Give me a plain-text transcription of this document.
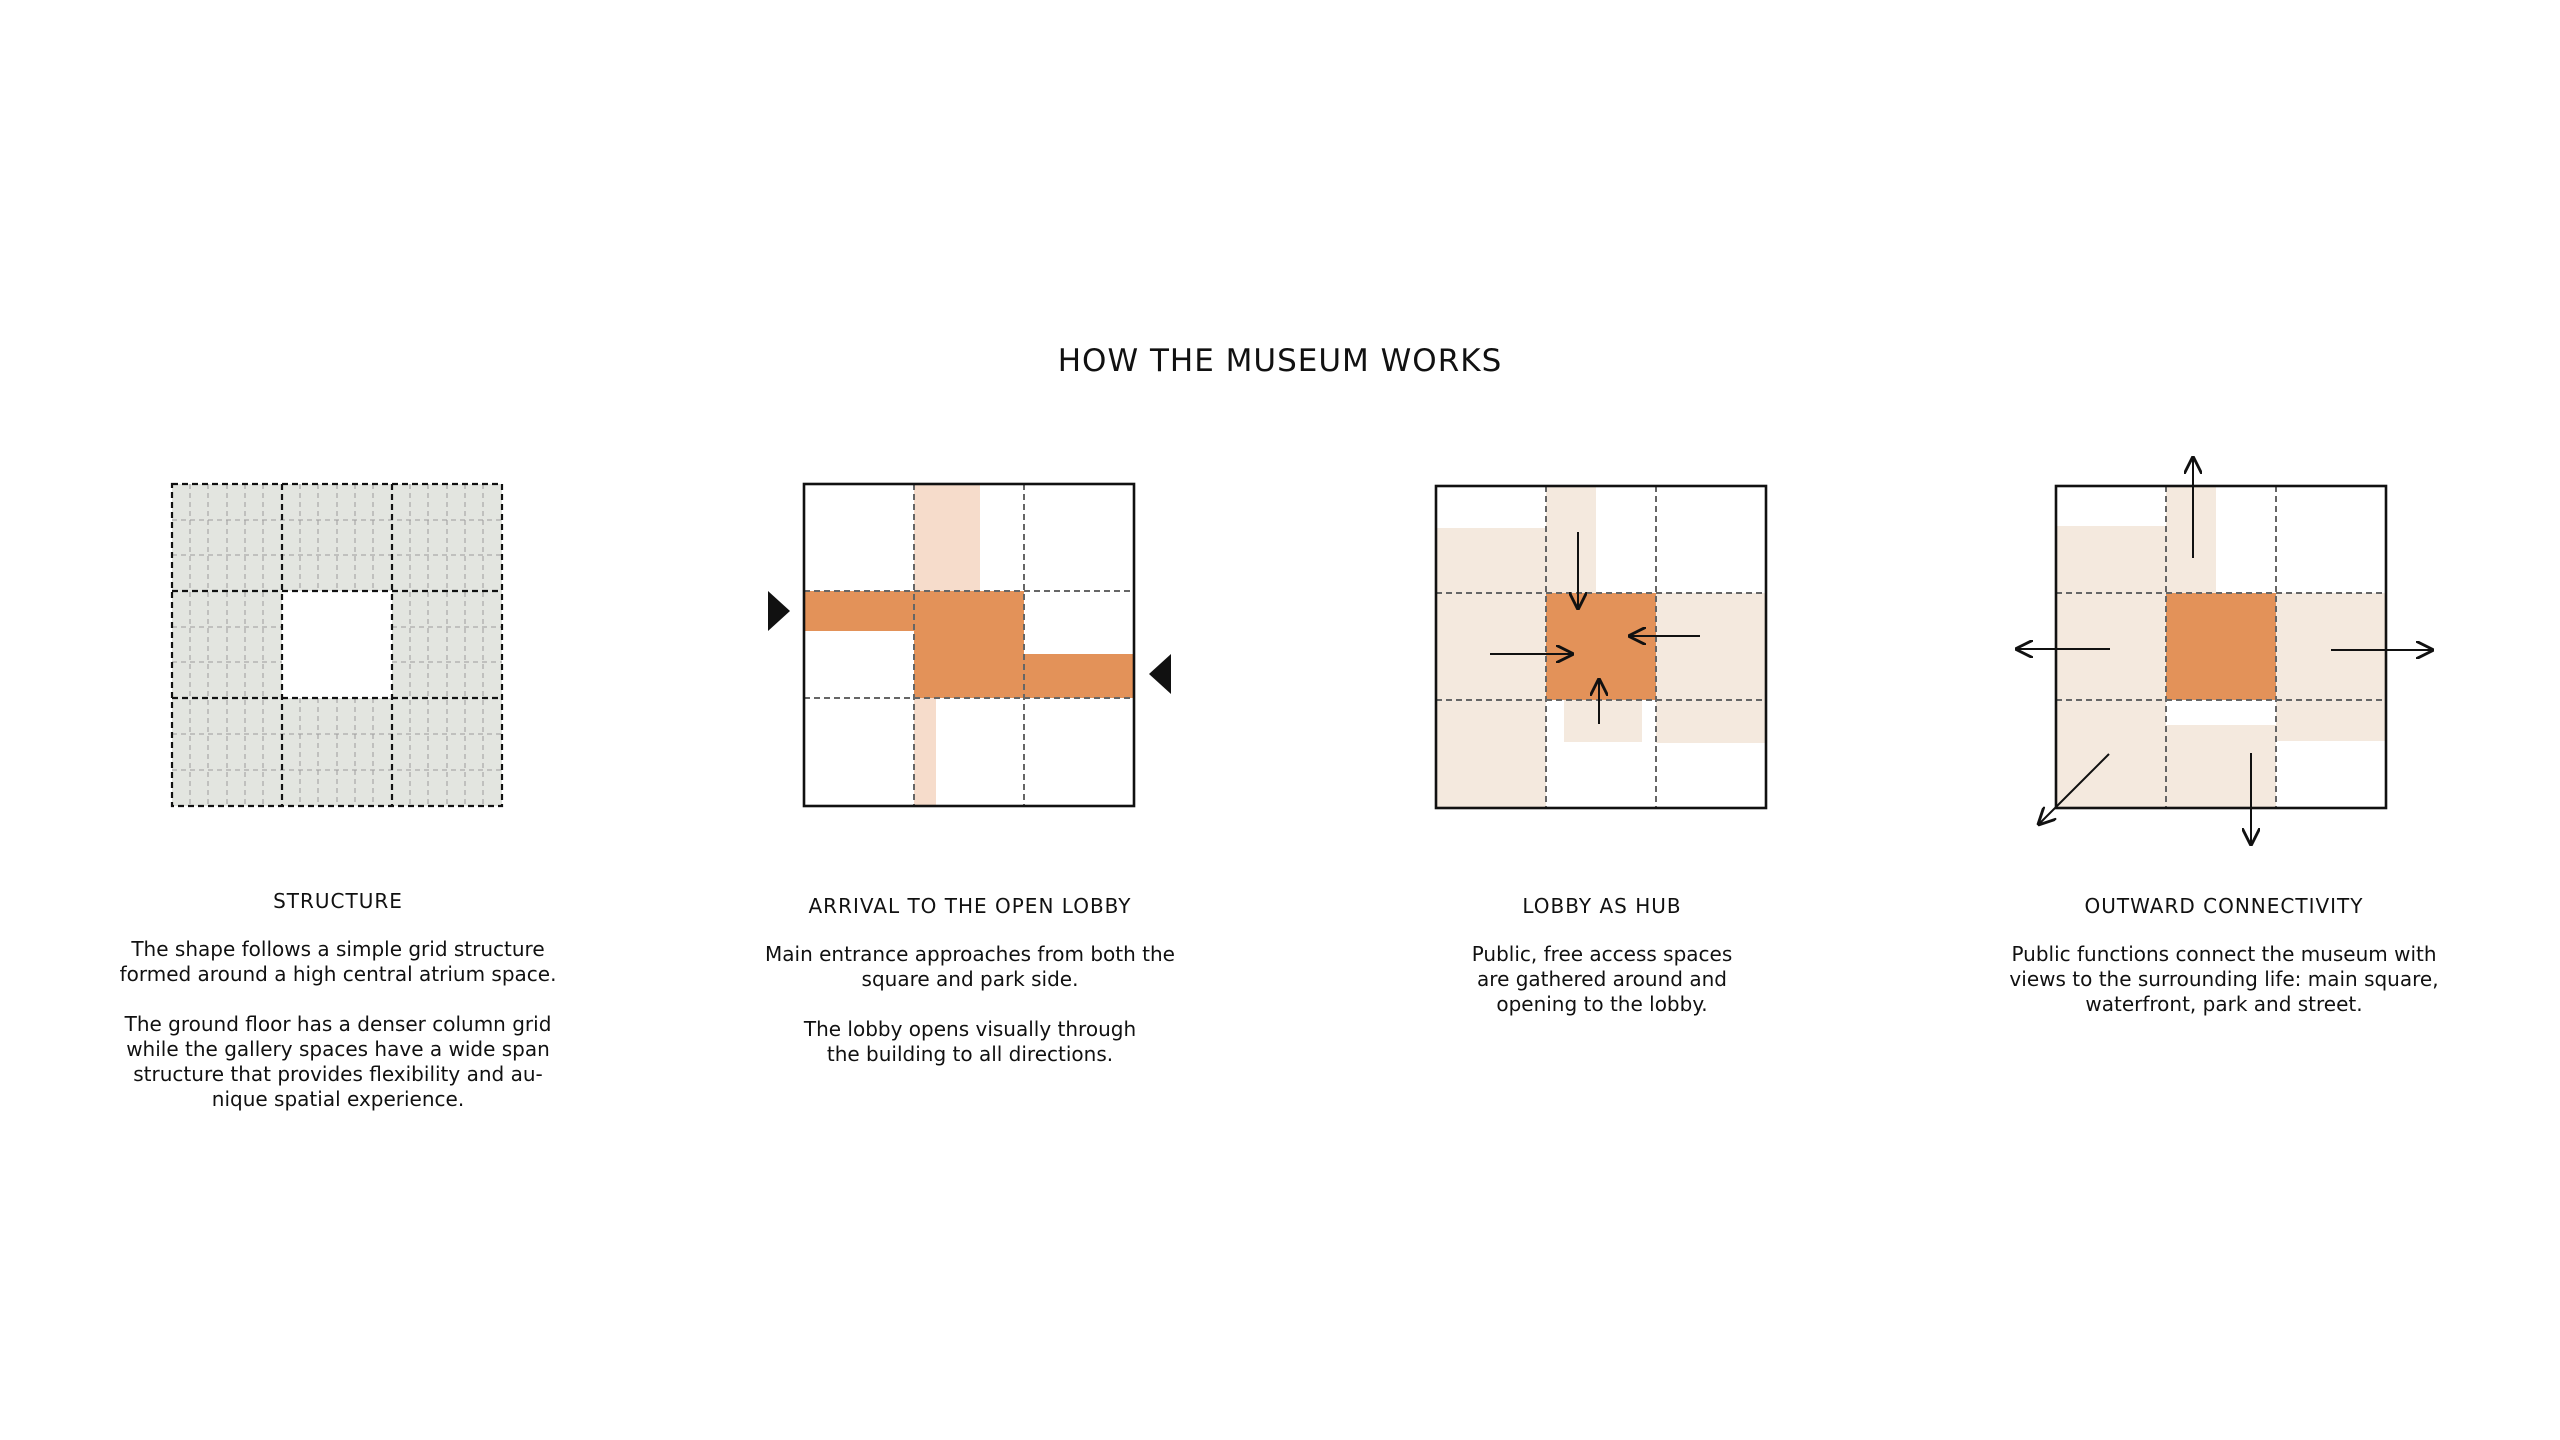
HOW THE MUSEUM WORKS
STRUCTURE

The shape follows a simple grid structure
formed around a high central atrium space.

The ground floor has a denser column grid
while the gallery spaces have a wide span
structure that provides flexibility and au-
nique spatial experience.

ARRIVAL TO THE OPEN LOBBY

Main entrance approaches from both the
square and park side.

The lobby opens visually through
the building to all directions.

LOBBY AS HUB

Public, free access spaces
are gathered around and
opening to the lobby.

OUTWARD CONNECTIVITY

Public functions connect the museum with
views to the surrounding life: main square,
waterfront, park and street.
